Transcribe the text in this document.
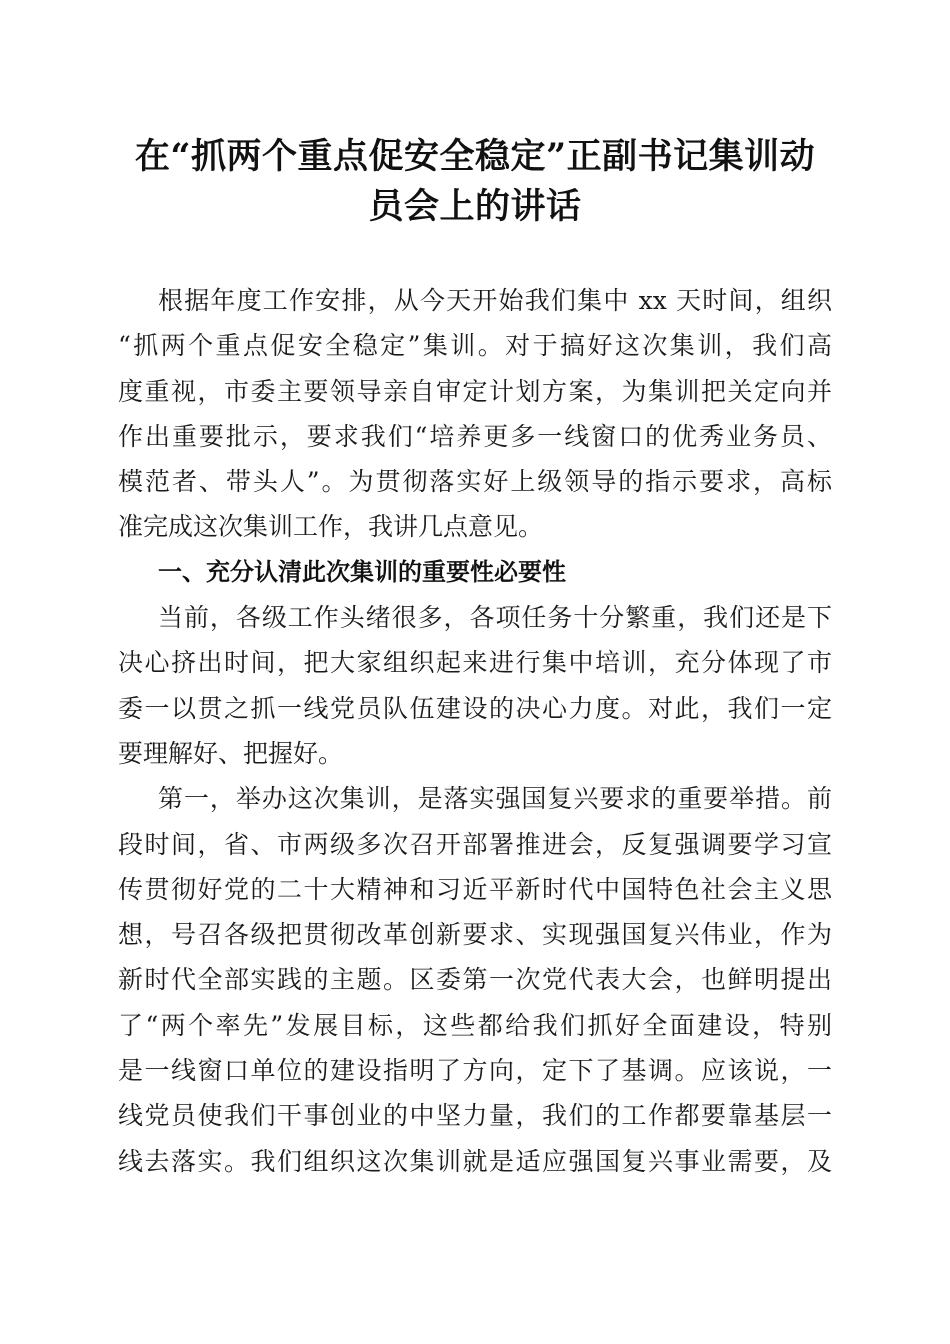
在“抓两个重点促安全稳定”正副书记集训动
员会上的讲话
根据年度工作安排，从今天开始我们集中 xx 天时间，组织
“抓两个重点促安全稳定”集训。对于搞好这次集训，我们高
度重视，市委主要领导亲自审定计划方案，为集训把关定向并
作出重要批示，要求我们“培养更多一线窗口的优秀业务员、
模范者、带头人”。为贯彻落实好上级领导的指示要求，高标
准完成这次集训工作，我讲几点意见。
一、充分认清此次集训的重要性必要性
当前，各级工作头绪很多，各项任务十分繁重，我们还是下
决心挤出时间，把大家组织起来进行集中培训，充分体现了市
委一以贯之抓一线党员队伍建设的决心力度。对此，我们一定
要理解好、把握好。
第一，举办这次集训，是落实强国复兴要求的重要举措。前
段时间，省、市两级多次召开部署推进会，反复强调要学习宣
传贯彻好党的二十大精神和习近平新时代中国特色社会主义思
想，号召各级把贯彻改革创新要求、实现强国复兴伟业，作为
新时代全部实践的主题。区委第一次党代表大会，也鲜明提出
了“两个率先”发展目标，这些都给我们抓好全面建设，特别
是一线窗口单位的建设指明了方向，定下了基调。应该说，一
线党员使我们干事创业的中坚力量，我们的工作都要靠基层一
线去落实。我们组织这次集训就是适应强国复兴事业需要，及
